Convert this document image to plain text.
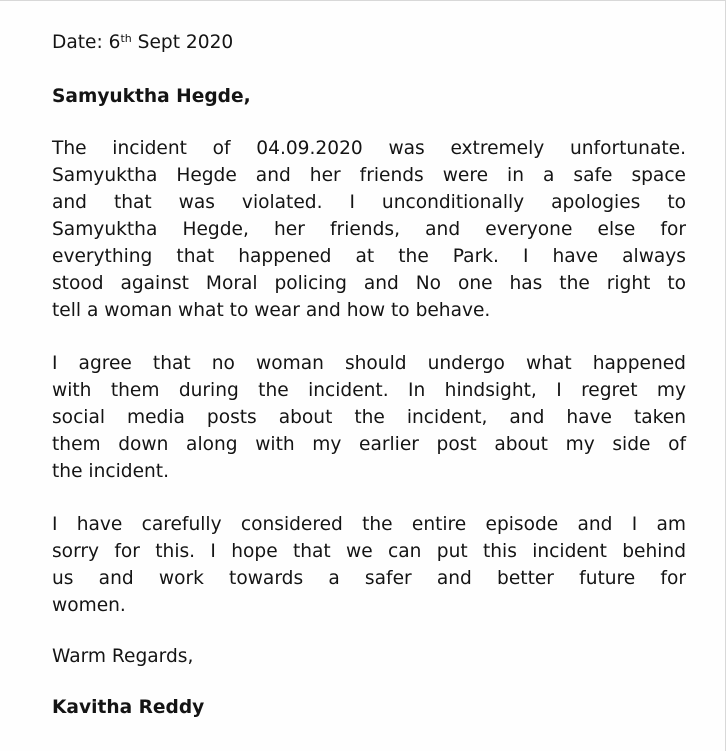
Date: 6th Sept 2020

Samyuktha Hegde,

The incident of 04.09.2020 was extremely unfortunate.

Samyuktha Hegde and her friends were in a safe space

and that was violated. I unconditionally apologies to

Samyuktha Hegde, her friends, and everyone else for

everything that happened at the Park. I have always

stood against Moral policing and No one has the right to

tell a woman what to wear and how to behave.

I agree that no woman should undergo what happened

with them during the incident. In hindsight, I regret my

social media posts about the incident, and have taken

them down along with my earlier post about my side of

the incident.

I have carefully considered the entire episode and I am

sorry for this. I hope that we can put this incident behind

us and work towards a safer and better future for

women.

Warm Regards,

Kavitha Reddy
